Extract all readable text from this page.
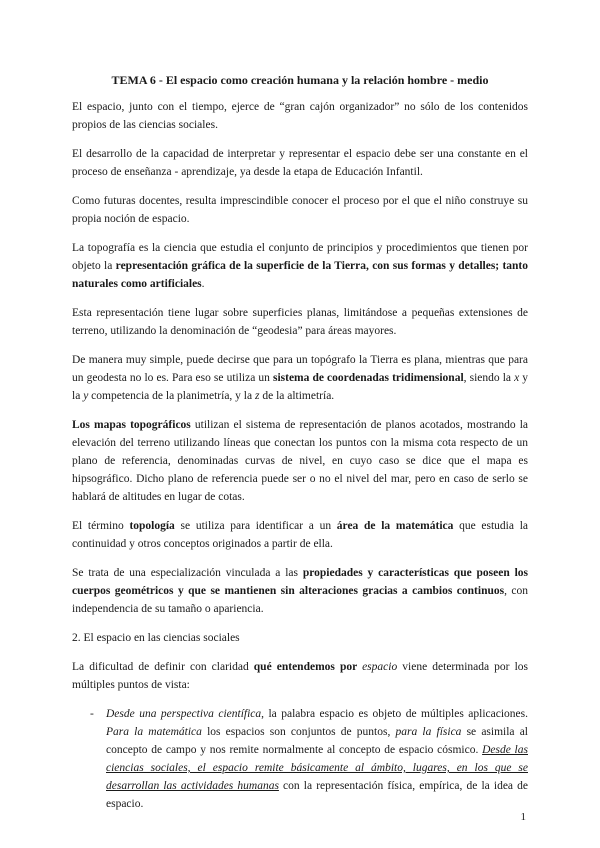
TEMA 6 - El espacio como creación humana y la relación hombre - medio

El espacio, junto con el tiempo, ejerce de “gran cajón organizador” no sólo de los contenidos propios de las ciencias sociales.

El desarrollo de la capacidad de interpretar y representar el espacio debe ser una constante en el proceso de enseñanza - aprendizaje, ya desde la etapa de Educación Infantil.

Como futuras docentes, resulta imprescindible conocer el proceso por el que el niño construye su propia noción de espacio.

La topografía es la ciencia que estudia el conjunto de principios y procedimientos que tienen por objeto la representación gráfica de la superficie de la Tierra, con sus formas y detalles; tanto naturales como artificiales.

Esta representación tiene lugar sobre superficies planas, limitándose a pequeñas extensiones de terreno, utilizando la denominación de “geodesia” para áreas mayores.

De manera muy simple, puede decirse que para un topógrafo la Tierra es plana, mientras que para un geodesta no lo es. Para eso se utiliza un sistema de coordenadas tridimensional, siendo la x y la y competencia de la planimetría, y la z de la altimetría.

Los mapas topográficos utilizan el sistema de representación de planos acotados, mostrando la elevación del terreno utilizando líneas que conectan los puntos con la misma cota respecto de un plano de referencia, denominadas curvas de nivel, en cuyo caso se dice que el mapa es hipsográfico. Dicho plano de referencia puede ser o no el nivel del mar, pero en caso de serlo se hablará de altitudes en lugar de cotas.

El término topología se utiliza para identificar a un área de la matemática que estudia la continuidad y otros conceptos originados a partir de ella.

Se trata de una especialización vinculada a las propiedades y características que poseen los cuerpos geométricos y que se mantienen sin alteraciones gracias a cambios continuos, con independencia de su tamaño o apariencia.

2. El espacio en las ciencias sociales

La dificultad de definir con claridad qué entendemos por espacio viene determinada por los múltiples puntos de vista:

- Desde una perspectiva científica, la palabra espacio es objeto de múltiples aplicaciones. Para la matemática los espacios son conjuntos de puntos, para la física se asimila al concepto de campo y nos remite normalmente al concepto de espacio cósmico. Desde las ciencias sociales, el espacio remite básicamente al ámbito, lugares, en los que se desarrollan las actividades humanas con la representación física, empírica, de la idea de espacio.
1
